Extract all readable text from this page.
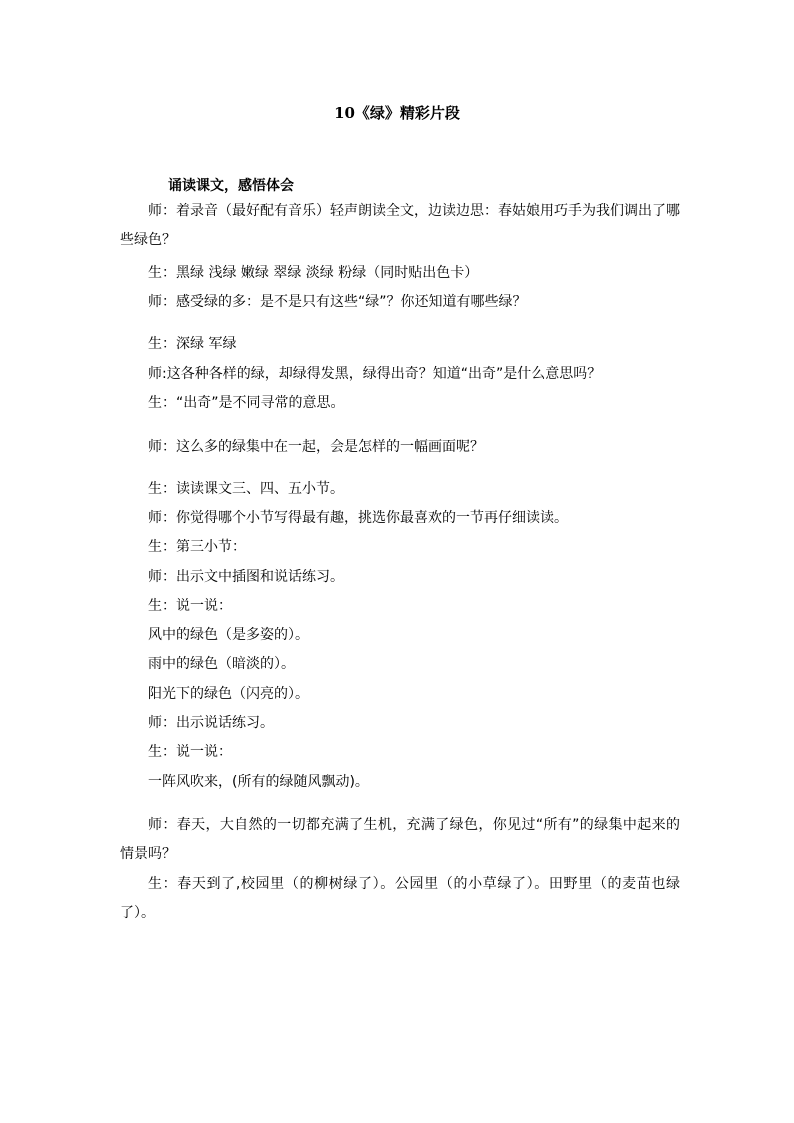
10《绿》精彩片段
诵读课文，感悟体会

师：着录音（最好配有音乐）轻声朗读全文，边读边思：春姑娘用巧手为我们调出了哪些绿色？

生：黑绿 浅绿 嫩绿 翠绿 淡绿 粉绿（同时贴出色卡）

师：感受绿的多：是不是只有这些“绿”？你还知道有哪些绿？

生：深绿 军绿

师:这各种各样的绿，却绿得发黑，绿得出奇？知道“出奇”是什么意思吗？

生：“出奇”是不同寻常的意思。

师：这么多的绿集中在一起，会是怎样的一幅画面呢？

生：读读课文三、四、五小节。

师：你觉得哪个小节写得最有趣，挑选你最喜欢的一节再仔细读读。

生：第三小节：

师：出示文中插图和说话练习。

生：说一说：

风中的绿色（是多姿的）。

雨中的绿色（暗淡的）。

阳光下的绿色（闪亮的）。

师：出示说话练习。

生：说一说：

一阵风吹来，(所有的绿随风飘动)。

师：春天，大自然的一切都充满了生机，充满了绿色，你见过“所有”的绿集中起来的情景吗？

生：春天到了,校园里（的柳树绿了）。公园里（的小草绿了）。田野里（的麦苗也绿了）。
